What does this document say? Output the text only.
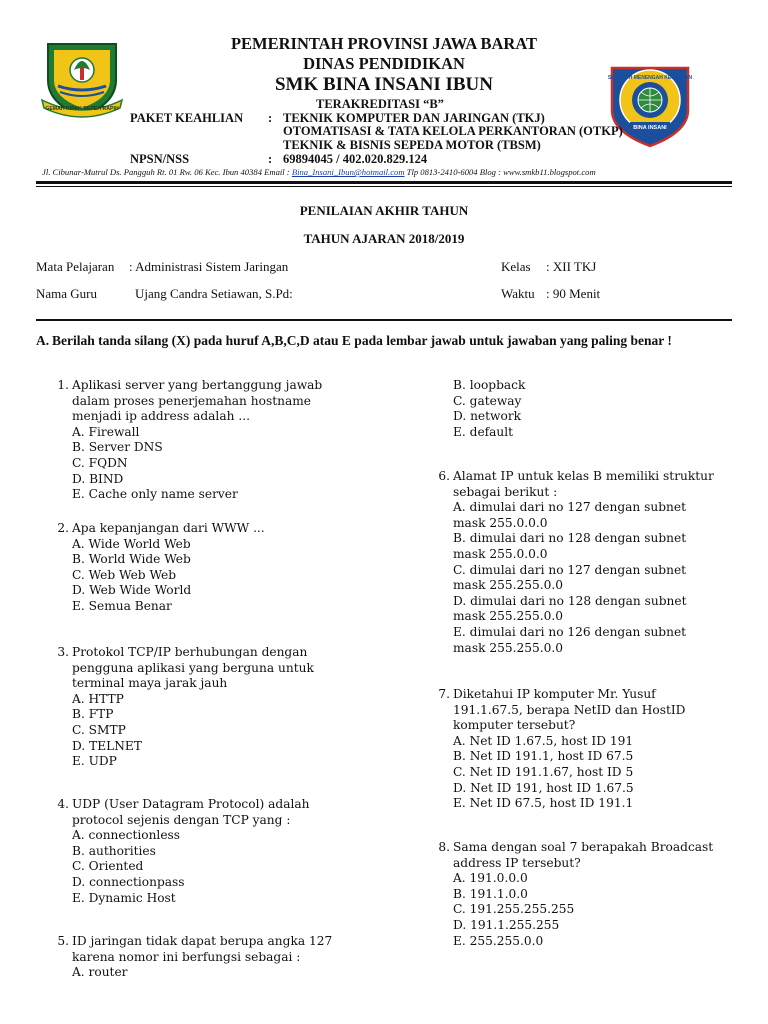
GEMAH RIPAH REPEH RAPIH
SEKOLAH MENENGAH KEJURUAN
BINA INSANI
PEMERINTAH PROVINSI JAWA BARAT
DINAS PENDIDIKAN
SMK BINA INSANI IBUN
TERAKREDITASI “B”
PAKET KEAHLIAN : TEKNIK KOMPUTER DAN JARINGAN (TKJ)
OTOMATISASI & TATA KELOLA PERKANTORAN (OTKP)
TEKNIK & BISNIS SEPEDA MOTOR (TBSM)
NPSN/NSS	: 69894045 / 402.020.829.124
Jl. Cibunar-Mutrul Ds. Pangguh Rt. 01 Rw. 06 Kec. Ibun 40384 Email : Bina_Insani_Ibun@hotmail.com Tlp 0813-2410-6004 Blog : www.smkb11.blogspot.com
PENILAIAN AKHIR TAHUN
TAHUN AJARAN 2018/2019
Mata Pelajaran : Administrasi Sistem Jaringan	Kelas : XII TKJ
Nama Guru	Ujang Candra Setiawan, S.Pd:	Waktu : 90 Menit
A. Berilah tanda silang (X) pada huruf A,B,C,D atau E pada lembar jawab untuk jawaban yang paling benar !
1. Aplikasi server yang bertanggung jawab
dalam proses penerjemahan hostname
menjadi ip address adalah ...
A. Firewall
B. Server DNS
C. FQDN
D. BIND
E. Cache only name server
2. Apa kepanjangan dari WWW ...
A. Wide World Web
B. World Wide Web
C. Web Web Web
D. Web Wide World
E. Semua Benar
3. Protokol TCP/IP berhubungan dengan
pengguna aplikasi yang berguna untuk
terminal maya jarak jauh
A. HTTP
B. FTP
C. SMTP
D. TELNET
E. UDP
4. UDP (User Datagram Protocol) adalah
protocol sejenis dengan TCP yang :
A. connectionless
B. authorities
C. Oriented
D. connectionpass
E. Dynamic Host
5. ID jaringan tidak dapat berupa angka 127
karena nomor ini berfungsi sebagai :
A. router
B. loopback
C. gateway
D. network
E. default
6. Alamat IP untuk kelas B memiliki struktur
sebagai berikut :
A. dimulai dari no 127 dengan subnet
mask 255.0.0.0
B. dimulai dari no 128 dengan subnet
mask 255.0.0.0
C. dimulai dari no 127 dengan subnet
mask 255.255.0.0
D. dimulai dari no 128 dengan subnet
mask 255.255.0.0
E. dimulai dari no 126 dengan subnet
mask 255.255.0.0
7. Diketahui IP komputer Mr. Yusuf
191.1.67.5, berapa NetID dan HostID
komputer tersebut?
A. Net ID 1.67.5, host ID 191
B. Net ID 191.1, host ID 67.5
C. Net ID 191.1.67, host ID 5
D. Net ID 191, host ID 1.67.5
E. Net ID 67.5, host ID 191.1
8. Sama dengan soal 7 berapakah Broadcast
address IP tersebut?
A. 191.0.0.0
B. 191.1.0.0
C. 191.255.255.255
D. 191.1.255.255
E. 255.255.0.0
